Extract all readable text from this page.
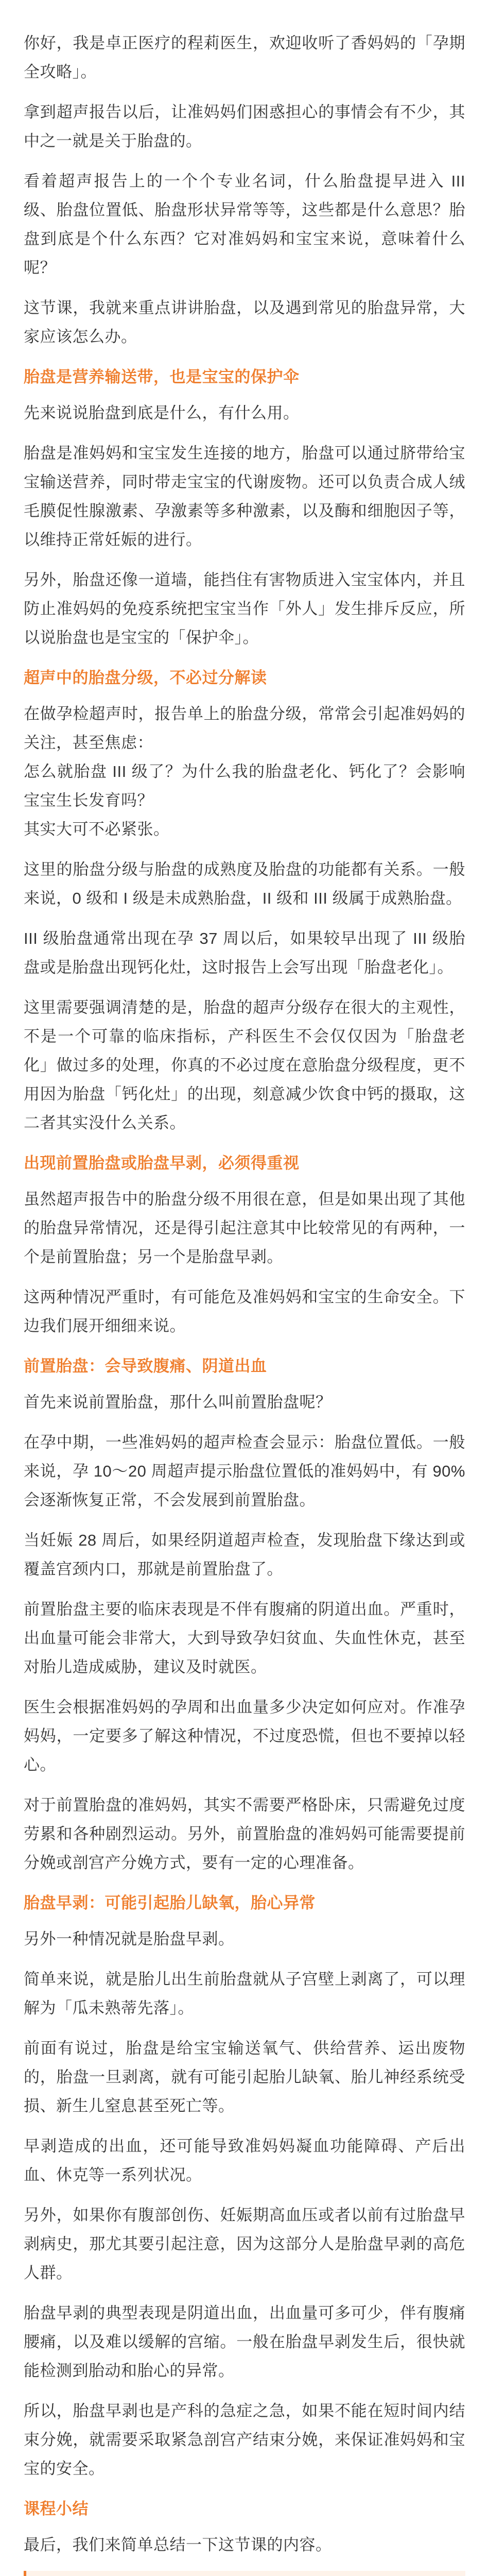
你好，我是卓正医疗的程莉医生，欢迎收听了香妈妈的「孕期全攻略」。

拿到超声报告以后，让准妈妈们困惑担心的事情会有不少，其中之一就是关于胎盘的。

看着超声报告上的一个个专业名词，什么胎盘提早进入 III 级、胎盘位置低、胎盘形状异常等等，这些都是什么意思？胎盘到底是个什么东西？它对准妈妈和宝宝来说，意味着什么呢？

这节课，我就来重点讲讲胎盘，以及遇到常见的胎盘异常，大家应该怎么办。

胎盘是营养输送带，也是宝宝的保护伞

先来说说胎盘到底是什么，有什么用。

胎盘是准妈妈和宝宝发生连接的地方，胎盘可以通过脐带给宝宝输送营养，同时带走宝宝的代谢废物。还可以负责合成人绒毛膜促性腺激素、孕激素等多种激素，以及酶和细胞因子等，以维持正常妊娠的进行。

另外，胎盘还像一道墙，能挡住有害物质进入宝宝体内，并且防止准妈妈的免疫系统把宝宝当作「外人」发生排斥反应，所以说胎盘也是宝宝的「保护伞」。

超声中的胎盘分级，不必过分解读

在做孕检超声时，报告单上的胎盘分级，常常会引起准妈妈的关注，甚至焦虑：

怎么就胎盘 III 级了？为什么我的胎盘老化、钙化了？会影响宝宝生长发育吗？

其实大可不必紧张。

这里的胎盘分级与胎盘的成熟度及胎盘的功能都有关系。一般来说，0 级和 I 级是未成熟胎盘，II 级和 III 级属于成熟胎盘。

III 级胎盘通常出现在孕 37 周以后，如果较早出现了 III 级胎盘或是胎盘出现钙化灶，这时报告上会写出现「胎盘老化」。

这里需要强调清楚的是，胎盘的超声分级存在很大的主观性，不是一个可靠的临床指标，产科医生不会仅仅因为「胎盘老化」做过多的处理，你真的不必过度在意胎盘分级程度，更不用因为胎盘「钙化灶」的出现，刻意减少饮食中钙的摄取，这二者其实没什么关系。

出现前置胎盘或胎盘早剥，必须得重视

虽然超声报告中的胎盘分级不用很在意，但是如果出现了其他的胎盘异常情况，还是得引起注意其中比较常见的有两种，一个是前置胎盘；另一个是胎盘早剥。

这两种情况严重时，有可能危及准妈妈和宝宝的生命安全。下边我们展开细细来说。

前置胎盘：会导致腹痛、阴道出血

首先来说前置胎盘，那什么叫前置胎盘呢？

在孕中期，一些准妈妈的超声检查会显示：胎盘位置低。一般来说，孕 10～20 周超声提示胎盘位置低的准妈妈中，有 90% 会逐渐恢复正常，不会发展到前置胎盘。

当妊娠 28 周后，如果经阴道超声检查，发现胎盘下缘达到或覆盖宫颈内口，那就是前置胎盘了。

前置胎盘主要的临床表现是不伴有腹痛的阴道出血。严重时，出血量可能会非常大，大到导致孕妇贫血、失血性休克，甚至对胎儿造成威胁，建议及时就医。

医生会根据准妈妈的孕周和出血量多少决定如何应对。作准孕妈妈，一定要多了解这种情况，不过度恐慌，但也不要掉以轻心。

对于前置胎盘的准妈妈，其实不需要严格卧床，只需避免过度劳累和各种剧烈运动。另外，前置胎盘的准妈妈可能需要提前分娩或剖宫产分娩方式，要有一定的心理准备。

胎盘早剥：可能引起胎儿缺氧，胎心异常

另外一种情况就是胎盘早剥。

简单来说，就是胎儿出生前胎盘就从子宫壁上剥离了，可以理解为「瓜未熟蒂先落」。

前面有说过，胎盘是给宝宝输送氧气、供给营养、运出废物的，胎盘一旦剥离，就有可能引起胎儿缺氧、胎儿神经系统受损、新生儿窒息甚至死亡等。

早剥造成的出血，还可能导致准妈妈凝血功能障碍、产后出血、休克等一系列状况。

另外，如果你有腹部创伤、妊娠期高血压或者以前有过胎盘早剥病史，那尤其要引起注意，因为这部分人是胎盘早剥的高危人群。

胎盘早剥的典型表现是阴道出血，出血量可多可少，伴有腹痛腰痛，以及难以缓解的宫缩。一般在胎盘早剥发生后，很快就能检测到胎动和胎心的异常。

所以，胎盘早剥也是产科的急症之急，如果不能在短时间内结束分娩，就需要采取紧急剖宫产结束分娩，来保证准妈妈和宝宝的安全。

课程小结

最后，我们来简单总结一下这节课的内容。
